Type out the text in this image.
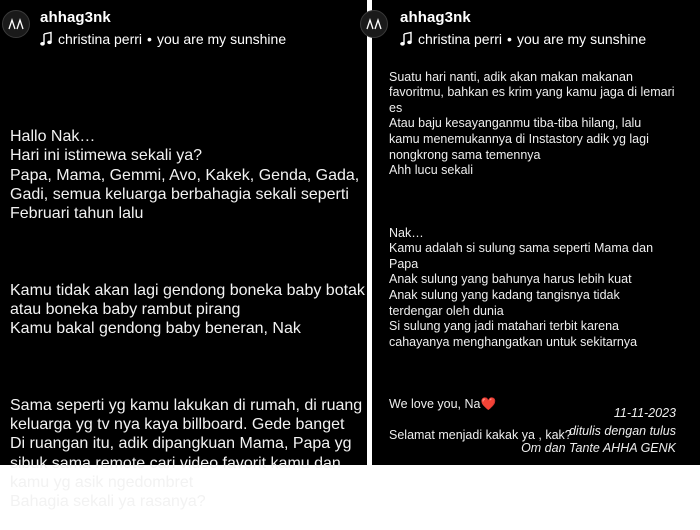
ahhag3nk
christina perri • you are my sunshine

Hallo Nak…
Hari ini istimewa sekali ya?
Papa, Mama, Gemmi, Avo, Kakek, Genda, Gada,
Gadi, semua keluarga berbahagia sekali seperti
Februari tahun lalu

Kamu tidak akan lagi gendong boneka baby botak
atau boneka baby rambut pirang
Kamu bakal gendong baby beneran, Nak

Sama seperti yg kamu lakukan di rumah, di ruang
keluarga yg tv nya kaya billboard. Gede banget
Di ruangan itu, adik dipangkuan Mama, Papa yg
sibuk sama remote cari video favorit kamu dan
kamu yg asik ngedombret
Bahagia sekali ya rasanya?

ahhag3nk
christina perri • you are my sunshine

Suatu hari nanti, adik akan makan makanan
favoritmu, bahkan es krim yang kamu jaga di lemari
es
Atau baju kesayanganmu tiba-tiba hilang, lalu
kamu menemukannya di Instastory adik yg lagi
nongkrong sama temennya
Ahh lucu sekali

Nak…
Kamu adalah si sulung sama seperti Mama dan
Papa
Anak sulung yang bahunya harus lebih kuat
Anak sulung yang kadang tangisnya tidak
terdengar oleh dunia
Si sulung yang jadi matahari terbit karena
cahayanya menghangatkan untuk sekitarnya

We love you, Na❤️

Selamat menjadi kakak ya , kak?

11-11-2023
ditulis dengan tulus
Om dan Tante AHHA GENK
